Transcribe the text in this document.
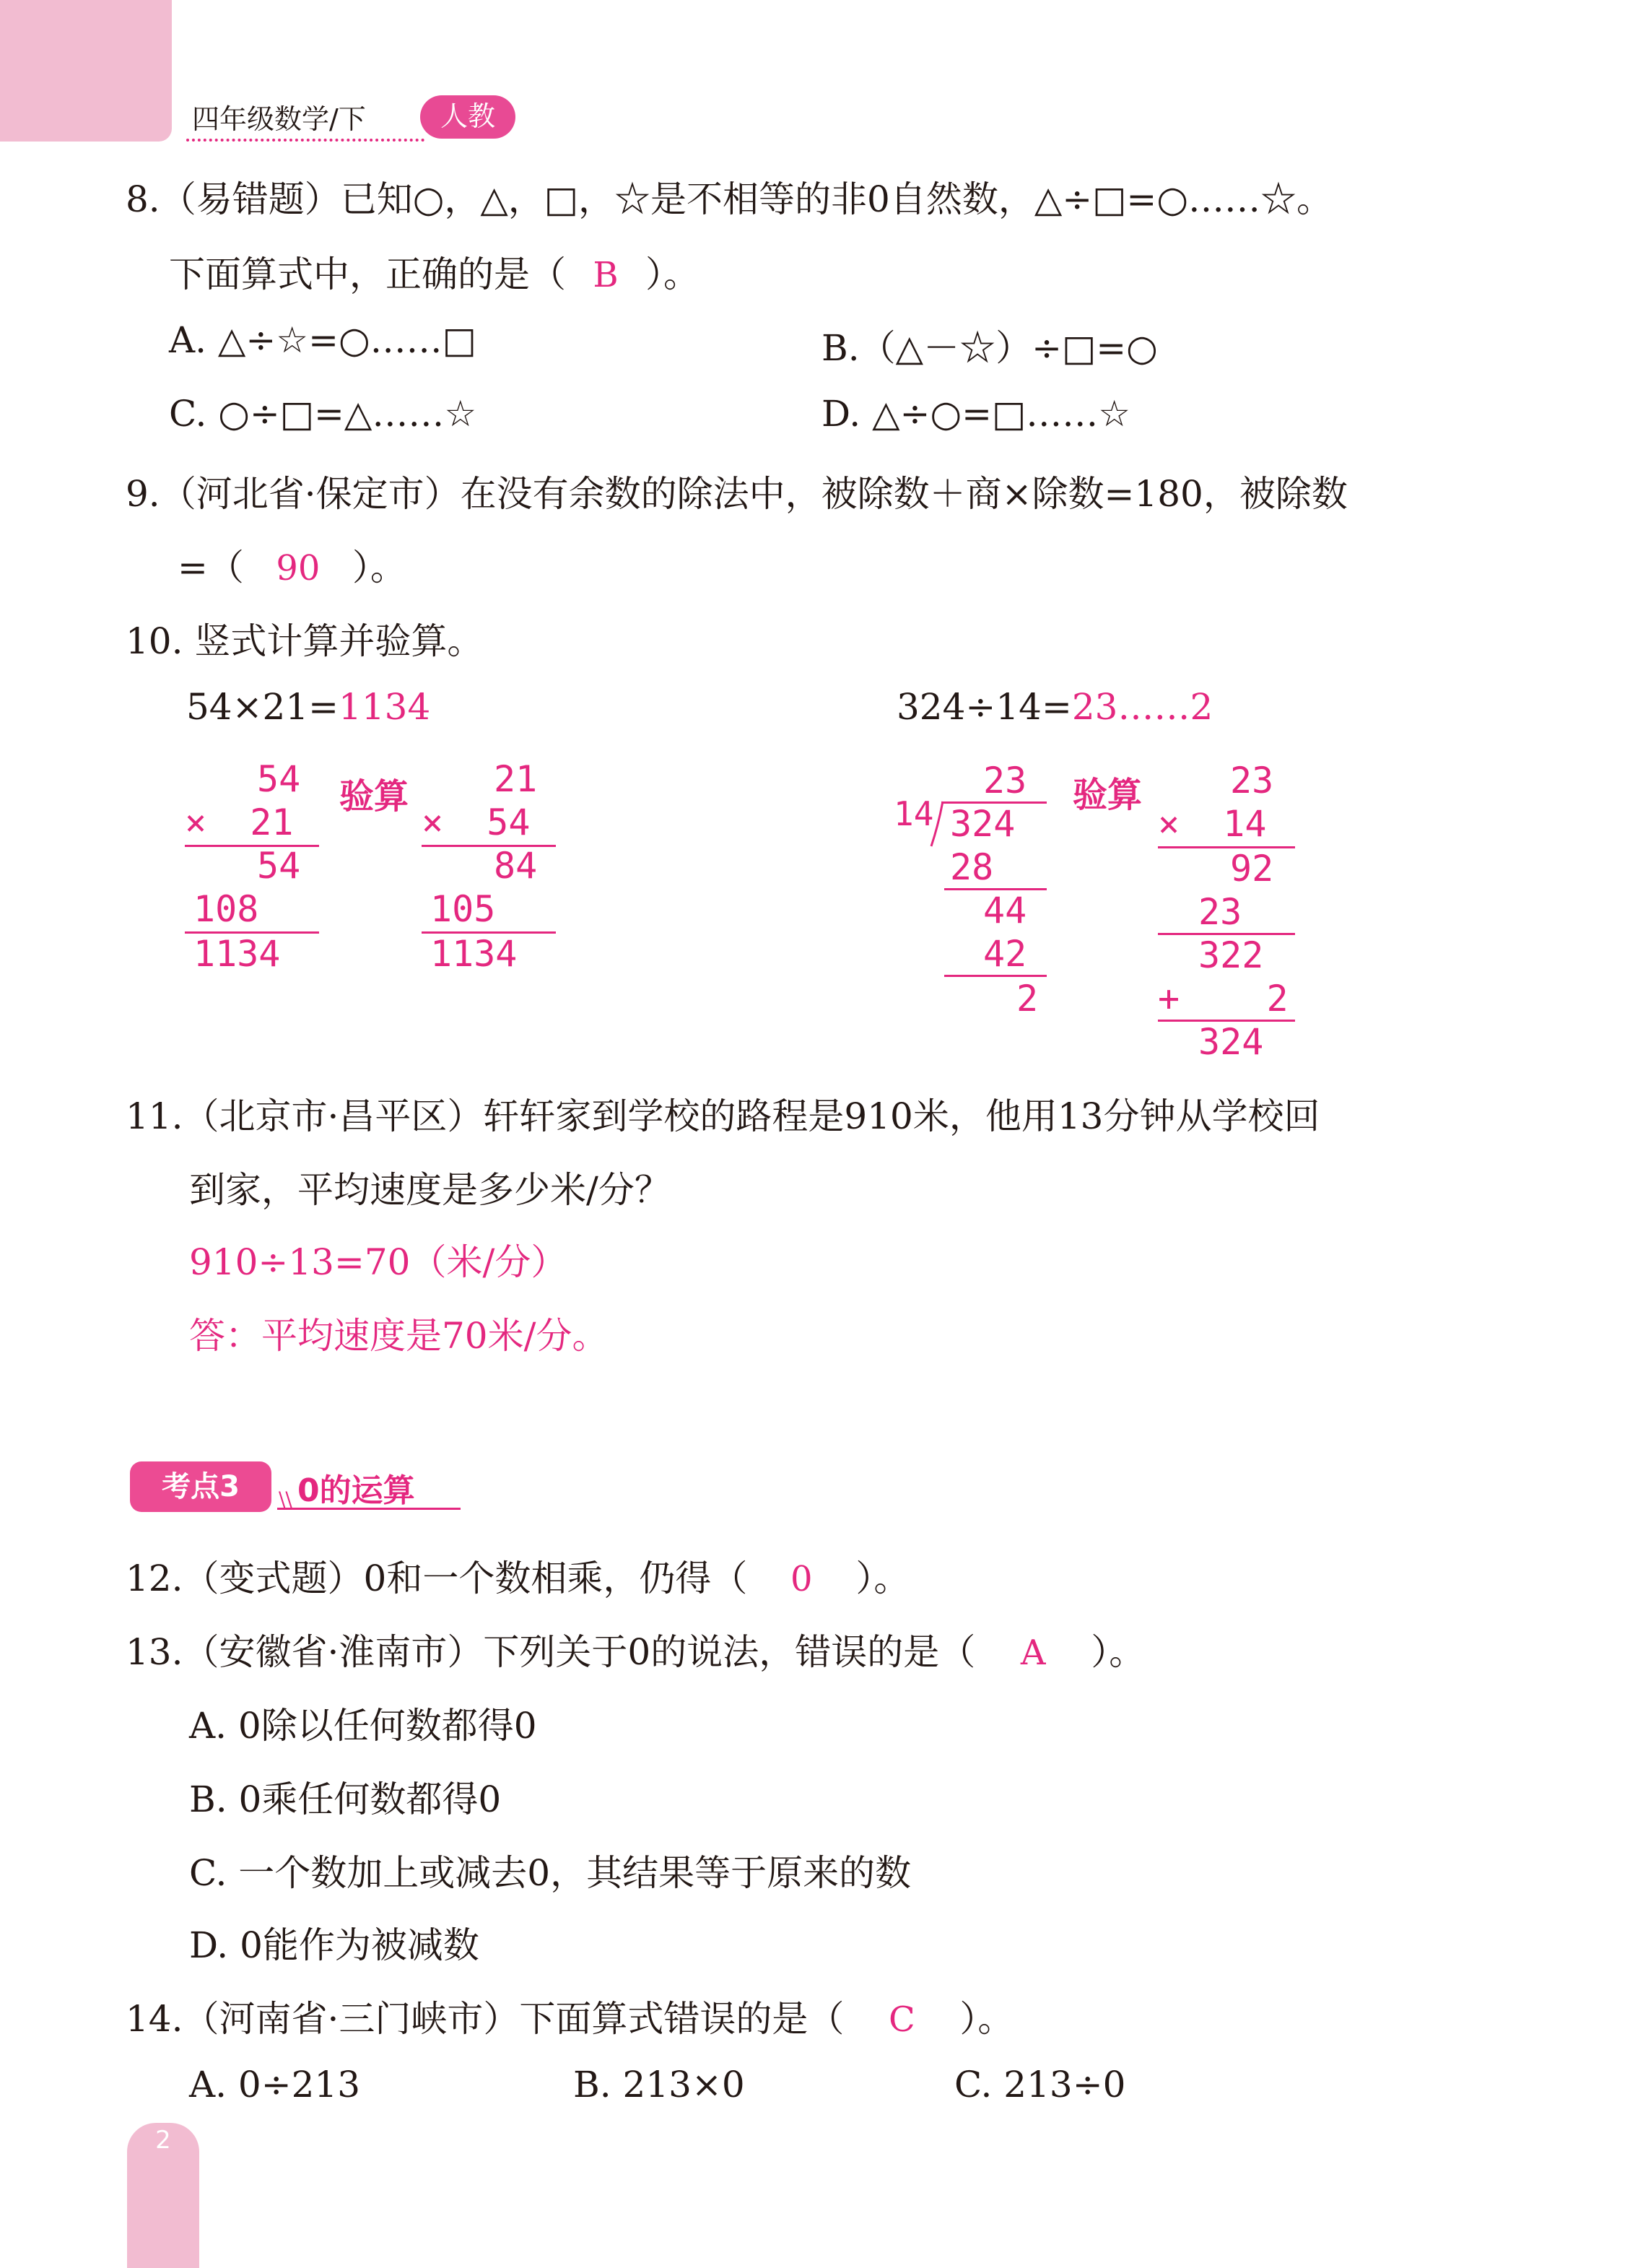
四年级数学/下	人教
8.（易错题）已知○，△，□，☆是不相等的非0自然数，△÷□=○……☆。
下面算式中，正确的是（ B ）。
A. △÷☆=○……□	B.（△－☆）÷□=○
C. ○÷□=△……☆	D. △÷○=□……☆
9.（河北省·保定市）在没有余数的除法中，被除数＋商×除数=180，被除数
=（ 90 ）。
10. 竖式计算并验算。
54×21=1134	324÷14=23……2
54
×  21
54
108
1134
验算 21
×  54
84
105
1134
23
14 324
28
44
42
2
验算 23
×  14
92
23
322
+    2
324
11.（北京市·昌平区）轩轩家到学校的路程是910米，他用13分钟从学校回
到家，平均速度是多少米/分？
910÷13=70（米/分）
答：平均速度是70米/分。
考点3	\\ 0的运算
12.（变式题）0和一个数相乘，仍得（ 0 ）。
13.（安徽省·淮南市）下列关于0的说法，错误的是（ A ）。
A. 0除以任何数都得0
B. 0乘任何数都得0
C. 一个数加上或减去0，其结果等于原来的数
D. 0能作为被减数
14.（河南省·三门峡市）下面算式错误的是（ C ）。
A. 0÷213	B. 213×0	C. 213÷0
2
